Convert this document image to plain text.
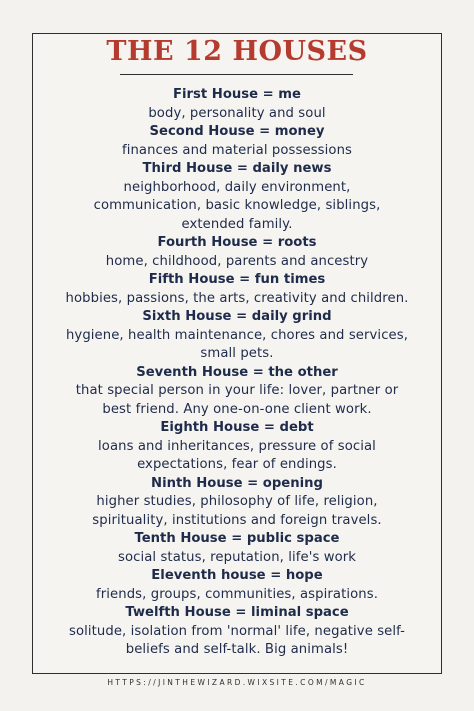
THE 12 HOUSES
First House = me
body, personality and soul
Second House = money
finances and material possessions
Third House = daily news
neighborhood, daily environment,
communication, basic knowledge, siblings,
extended family.
Fourth House = roots
home, childhood, parents and ancestry
Fifth House = fun times
hobbies, passions, the arts, creativity and children.
Sixth House = daily grind
hygiene, health maintenance, chores and services,
small pets.
Seventh House = the other
that special person in your life: lover, partner or
best friend. Any one-on-one client work.
Eighth House = debt
loans and inheritances, pressure of social
expectations, fear of endings.
Ninth House = opening
higher studies, philosophy of life, religion,
spirituality, institutions and foreign travels.
Tenth House = public space
social status, reputation, life's work
Eleventh house = hope
friends, groups, communities, aspirations.
Twelfth House = liminal space
solitude, isolation from 'normal' life, negative self-
beliefs and self-talk. Big animals!
HTTPS://JINTHEWIZARD.WIXSITE.COM/MAGIC
